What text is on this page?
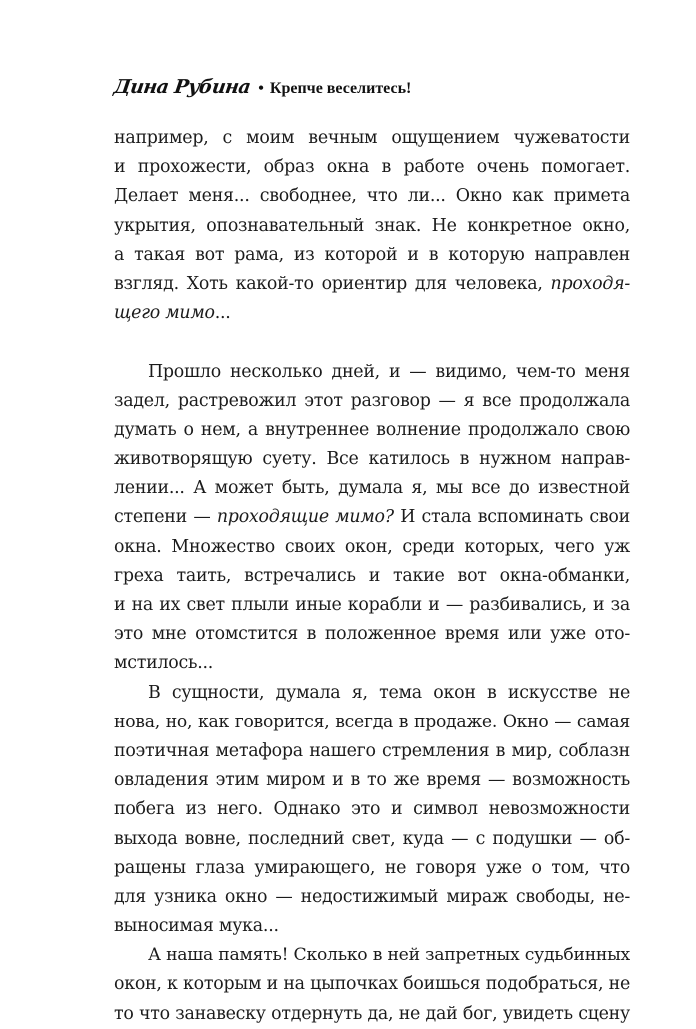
Дина Рубина • Крепче веселитесь!
например, с моим вечным ощущением чужеватости
и прохожести, образ окна в работе очень помогает.
Делает меня... свободнее, что ли... Окно как примета
укрытия, опознавательный знак. Не конкретное окно,
а такая вот рама, из которой и в которую направлен
взгляд. Хоть какой-то ориентир для человека, проходя-
щего мимо...
Прошло несколько дней, и — видимо, чем-то меня
задел, растревожил этот разговор — я все продолжала
думать о нем, а внутреннее волнение продолжало свою
животворящую суету. Все катилось в нужном направ-
лении... А может быть, думала я, мы все до известной
степени — проходящие мимо? И стала вспоминать свои
окна. Множество своих окон, среди которых, чего уж
греха таить, встречались и такие вот окна-обманки,
и на их свет плыли иные корабли и — разбивались, и за
это мне отомстится в положенное время или уже ото-
мстилось...
В сущности, думала я, тема окон в искусстве не
нова, но, как говорится, всегда в продаже. Окно — самая
поэтичная метафора нашего стремления в мир, соблазн
овладения этим миром и в то же время — возможность
побега из него. Однако это и символ невозможности
выхода вовне, последний свет, куда — с подушки — об-
ращены глаза умирающего, не говоря уже о том, что
для узника окно — недостижимый мираж свободы, не-
выносимая мука...
А наша память! Сколько в ней запретных судьбинных
окон, к которым и на цыпочках боишься подобраться, не
то что занавеску отдернуть да, не дай бог, увидеть сцену
